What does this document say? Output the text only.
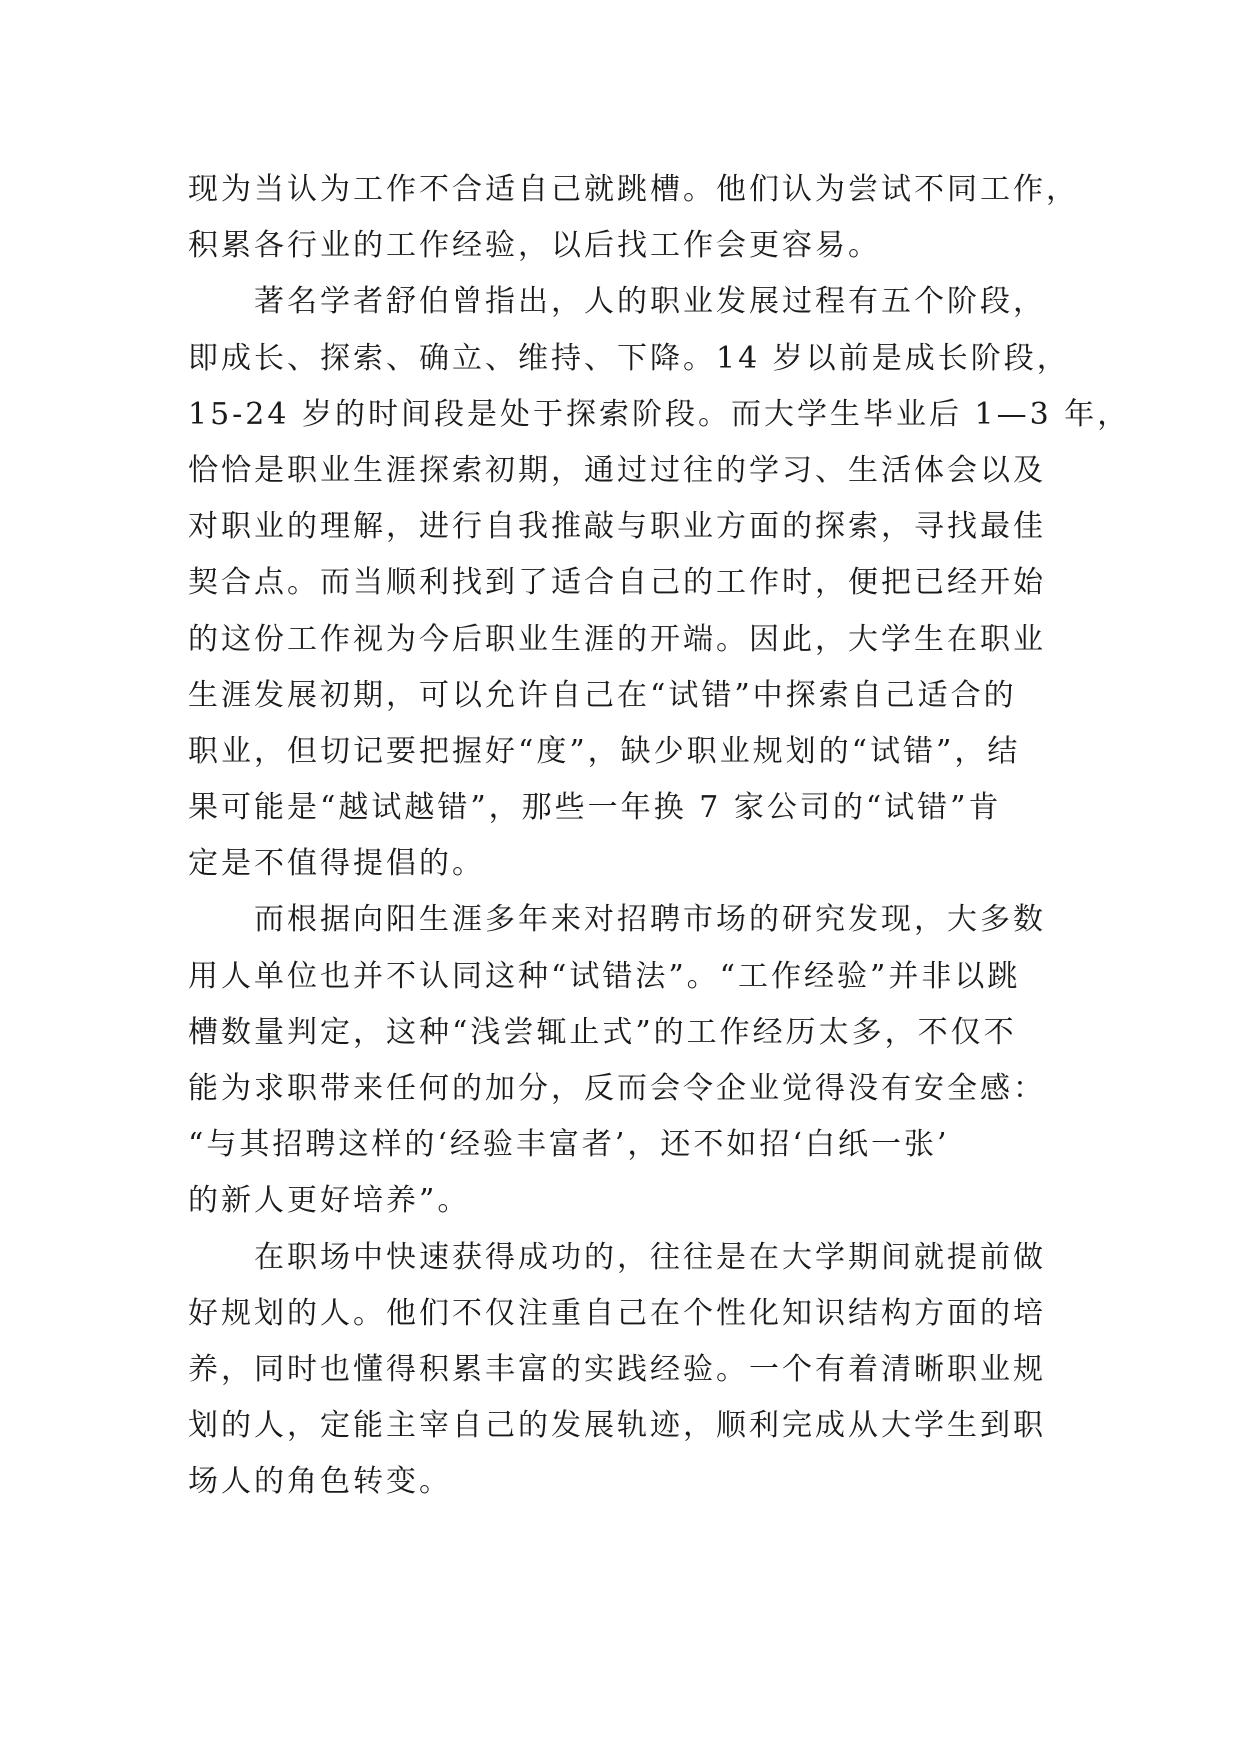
现为当认为工作不合适自己就跳槽。他们认为尝试不同工作，
积累各行业的工作经验，以后找工作会更容易。
著名学者舒伯曾指出，人的职业发展过程有五个阶段，
即成长、探索、确立、维持、下降。14 岁以前是成长阶段，
15-24 岁的时间段是处于探索阶段。而大学生毕业后 1—3 年，
恰恰是职业生涯探索初期，通过过往的学习、生活体会以及
对职业的理解，进行自我推敲与职业方面的探索，寻找最佳
契合点。而当顺利找到了适合自己的工作时，便把已经开始
的这份工作视为今后职业生涯的开端。因此，大学生在职业
生涯发展初期，可以允许自己在“试错”中探索自己适合的
职业，但切记要把握好“度”，缺少职业规划的“试错”，结
果可能是“越试越错”，那些一年换 7 家公司的“试错”肯
定是不值得提倡的。
而根据向阳生涯多年来对招聘市场的研究发现，大多数
用人单位也并不认同这种“试错法”。“工作经验”并非以跳
槽数量判定，这种“浅尝辄止式”的工作经历太多，不仅不
能为求职带来任何的加分，反而会令企业觉得没有安全感：
“与其招聘这样的‘经验丰富者’，还不如招‘白纸一张’
的新人更好培养”。
在职场中快速获得成功的，往往是在大学期间就提前做
好规划的人。他们不仅注重自己在个性化知识结构方面的培
养，同时也懂得积累丰富的实践经验。一个有着清晰职业规
划的人，定能主宰自己的发展轨迹，顺利完成从大学生到职
场人的角色转变。
